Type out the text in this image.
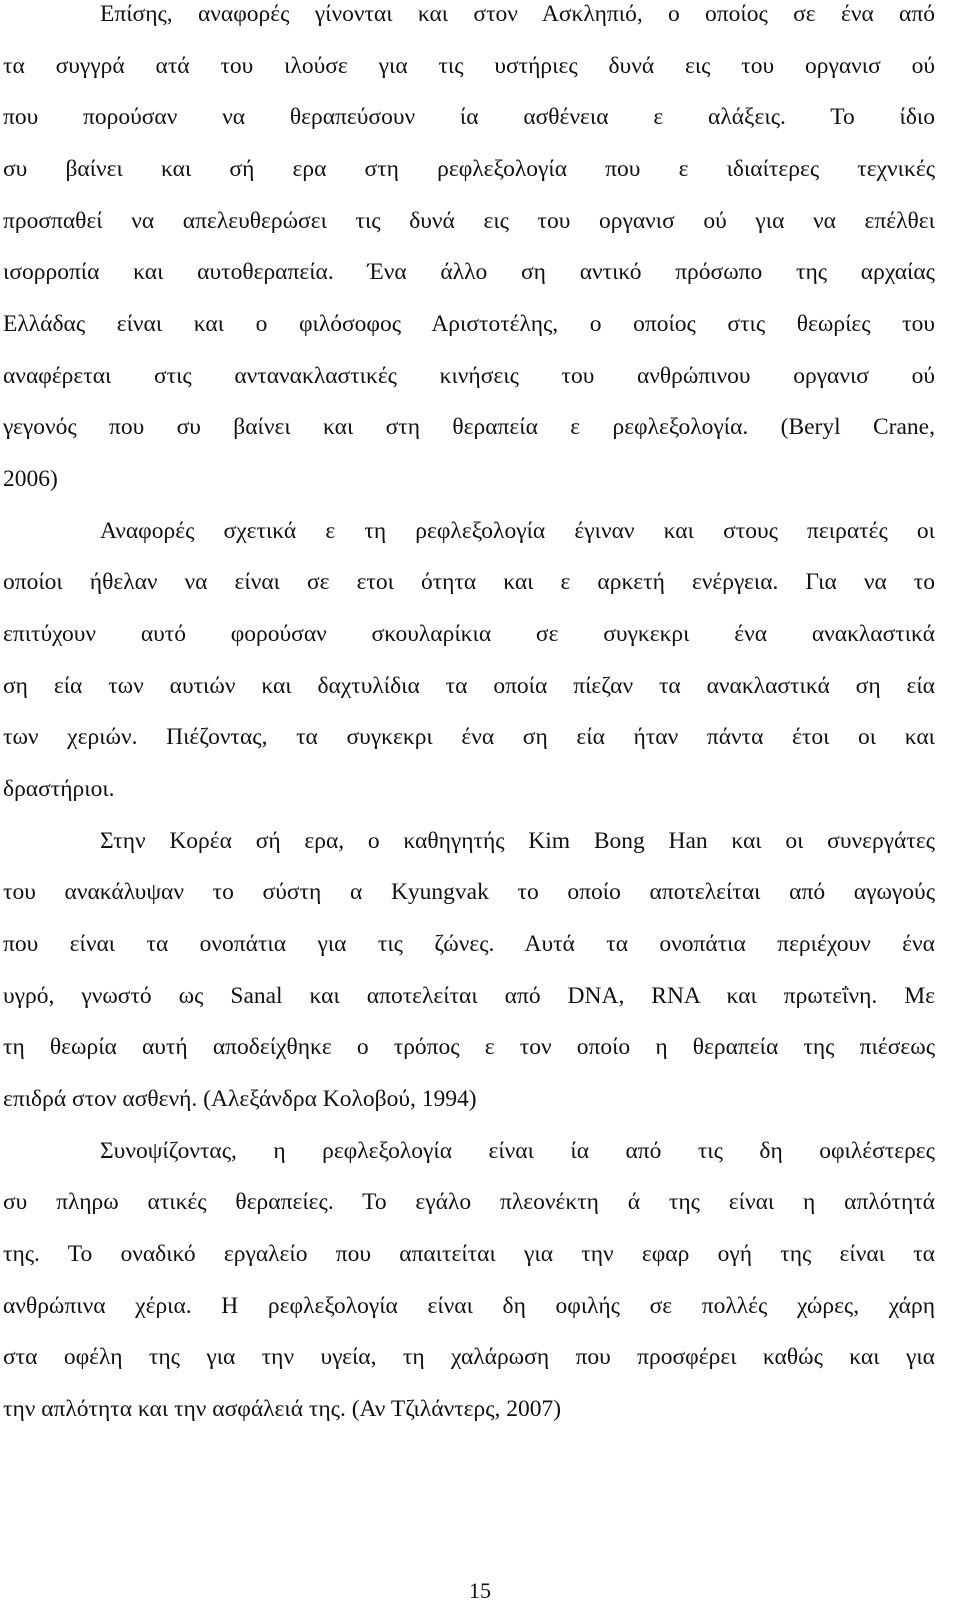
Επίσης, αναφορές γίνονται και στον Ασκληπιό, ο οποίος σε ένα από
τα συγγρά ατά του ιλούσε για τις υστήριες δυνά εις του οργανισ ού
που πορούσαν να θεραπεύσουν ία ασθένεια ε αλάξεις. Το ίδιο
συ βαίνει και σή ερα στη ρεφλεξολογία που ε ιδιαίτερες τεχνικές
προσπαθεί να απελευθερώσει τις δυνά εις του οργανισ ού για να επέλθει
ισορροπία και αυτοθεραπεία. Ένα άλλο ση αντικό πρόσωπο της αρχαίας
Ελλάδας είναι και ο φιλόσοφος Αριστοτέλης, ο οποίος στις θεωρίες του
αναφέρεται στις αντανακλαστικές κινήσεις του ανθρώπινου οργανισ ού
γεγονός που συ βαίνει και στη θεραπεία ε ρεφλεξολογία. (Beryl Crane,
2006)
Αναφορές σχετικά ε τη ρεφλεξολογία έγιναν και στους πειρατές οι
οποίοι ήθελαν να είναι σε ετοι ότητα και ε αρκετή ενέργεια. Για να το
επιτύχουν αυτό φορούσαν σκουλαρίκια σε συγκεκρι ένα ανακλαστικά
ση εία των αυτιών και δαχτυλίδια τα οποία πίεζαν τα ανακλαστικά ση εία
των χεριών. Πιέζοντας, τα συγκεκρι ένα ση εία ήταν πάντα έτοι οι και
δραστήριοι.
Στην Κορέα σή ερα, ο καθηγητής Kim Bong Han και οι συνεργάτες
του ανακάλυψαν το σύστη α Kyungvak το οποίο αποτελείται από αγωγούς
που είναι τα ονοπάτια για τις ζώνες. Αυτά τα ονοπάτια περιέχουν ένα
υγρό, γνωστό ως Sanal και αποτελείται από DNA, RNA και πρωτεΐνη. Με
τη θεωρία αυτή αποδείχθηκε ο τρόπος ε τον οποίο η θεραπεία της πιέσεως
επιδρά στον ασθενή. (Αλεξάνδρα Κολοβού, 1994)
Συνοψίζοντας, η ρεφλεξολογία είναι ία από τις δη οφιλέστερες
συ πληρω ατικές θεραπείες. Το εγάλο πλεονέκτη ά της είναι η απλότητά
της. Το οναδικό εργαλείο που απαιτείται για την εφαρ ογή της είναι τα
ανθρώπινα χέρια. Η ρεφλεξολογία είναι δη οφιλής σε πολλές χώρες, χάρη
στα οφέλη της για την υγεία, τη χαλάρωση που προσφέρει καθώς και για
την απλότητα και την ασφάλειά της. (Αν Τζιλάντερς, 2007)
15
